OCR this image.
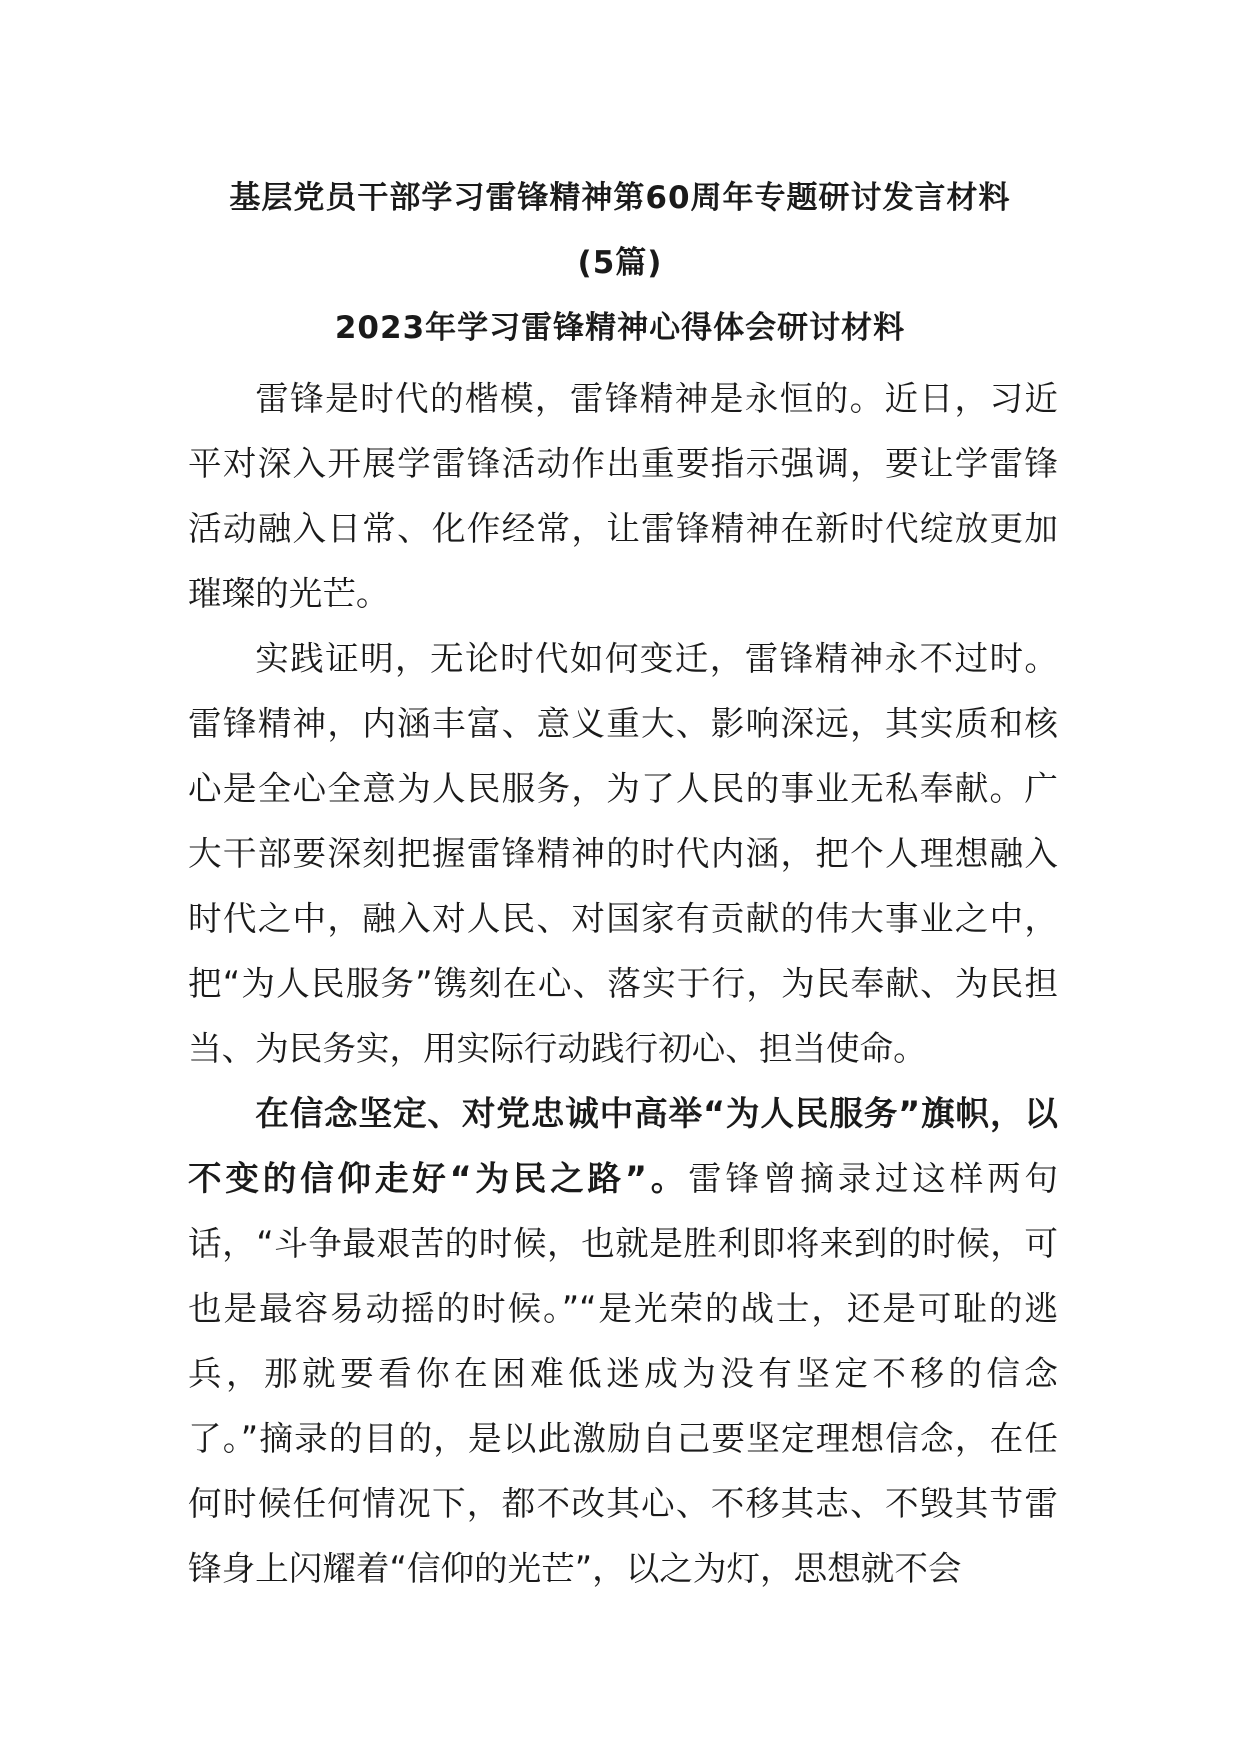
基层党员干部学习雷锋精神第60周年专题研讨发言材料
(5篇)
2023年学习雷锋精神心得体会研讨材料

雷锋是时代的楷模，雷锋精神是永恒的。近日，习近平对深入开展学雷锋活动作出重要指示强调，要让学雷锋活动融入日常、化作经常，让雷锋精神在新时代绽放更加璀璨的光芒。

实践证明，无论时代如何变迁，雷锋精神永不过时。雷锋精神，内涵丰富、意义重大、影响深远，其实质和核心是全心全意为人民服务，为了人民的事业无私奉献。广大干部要深刻把握雷锋精神的时代内涵，把个人理想融入时代之中，融入对人民、对国家有贡献的伟大事业之中，把“为人民服务”镌刻在心、落实于行，为民奉献、为民担当、为民务实，用实际行动践行初心、担当使命。

在信念坚定、对党忠诚中高举“为人民服务”旗帜，以不变的信仰走好“为民之路”。雷锋曾摘录过这样两句话，“斗争最艰苦的时候，也就是胜利即将来到的时候，可也是最容易动摇的时候。”“是光荣的战士，还是可耻的逃兵，那就要看你在困难低迷成为没有坚定不移的信念了。”摘录的目的，是以此激励自己要坚定理想信念，在任何时候任何情况下，都不改其心、不移其志、不毁其节雷锋身上闪耀着“信仰的光芒”，以之为灯，思想就不会
